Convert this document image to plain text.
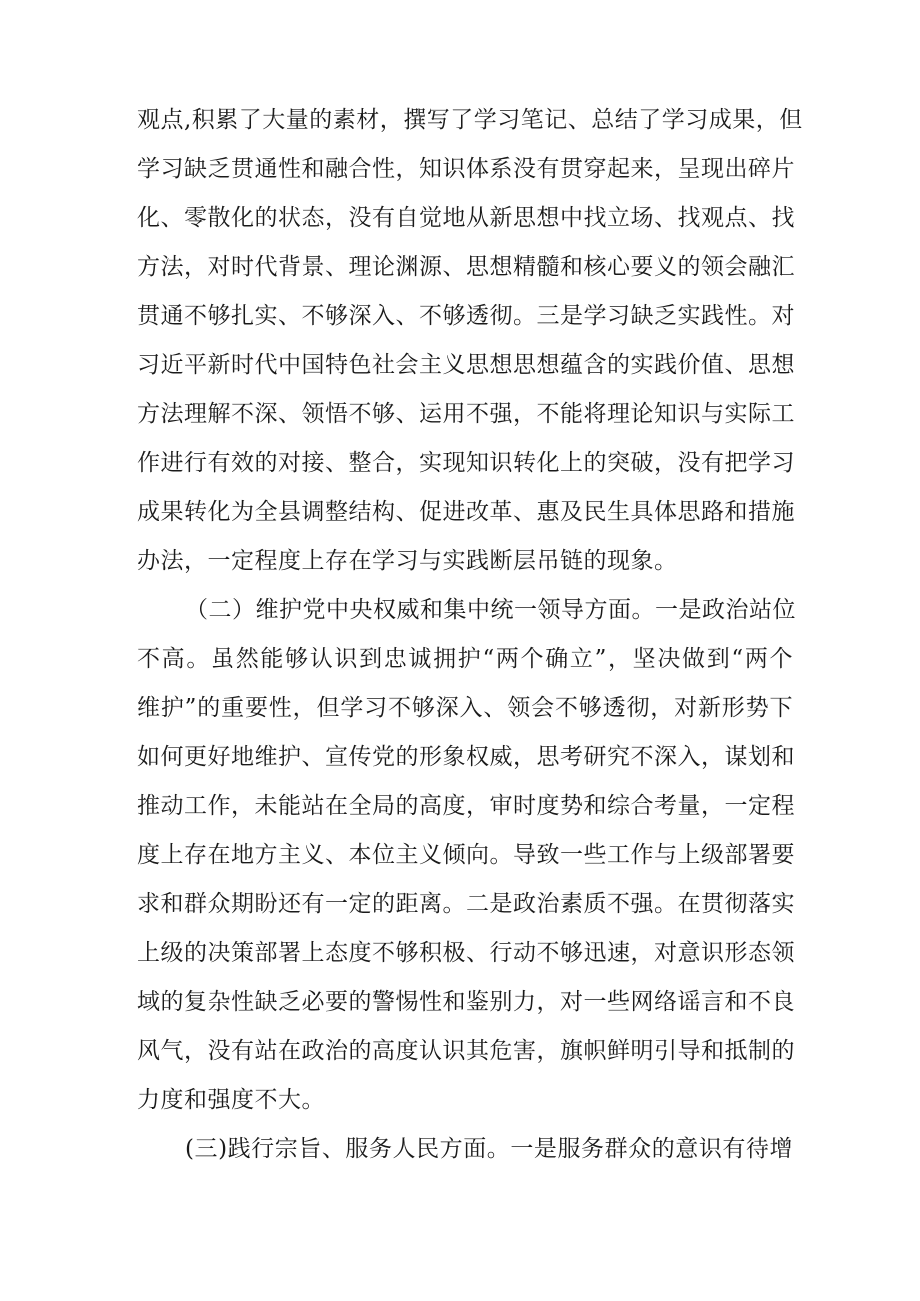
观点,积累了大量的素材，撰写了学习笔记、总结了学习成果，但
学习缺乏贯通性和融合性，知识体系没有贯穿起来，呈现出碎片
化、零散化的状态，没有自觉地从新思想中找立场、找观点、找
方法，对时代背景、理论渊源、思想精髓和核心要义的领会融汇
贯通不够扎实、不够深入、不够透彻。三是学习缺乏实践性。对
习近平新时代中国特色社会主义思想思想蕴含的实践价值、思想
方法理解不深、领悟不够、运用不强，不能将理论知识与实际工
作进行有效的对接、整合，实现知识转化上的突破，没有把学习
成果转化为全县调整结构、促进改革、惠及民生具体思路和措施
办法，一定程度上存在学习与实践断层吊链的现象。
（二）维护党中央权威和集中统一领导方面。一是政治站位
不高。虽然能够认识到忠诚拥护“两个确立”，坚决做到“两个
维护”的重要性，但学习不够深入、领会不够透彻，对新形势下
如何更好地维护、宣传党的形象权威，思考研究不深入，谋划和
推动工作，未能站在全局的高度，审时度势和综合考量，一定程
度上存在地方主义、本位主义倾向。导致一些工作与上级部署要
求和群众期盼还有一定的距离。二是政治素质不强。在贯彻落实
上级的决策部署上态度不够积极、行动不够迅速，对意识形态领
域的复杂性缺乏必要的警惕性和鉴别力，对一些网络谣言和不良
风气，没有站在政治的高度认识其危害，旗帜鲜明引导和抵制的
力度和强度不大。
(三)践行宗旨、服务人民方面。一是服务群众的意识有待增
